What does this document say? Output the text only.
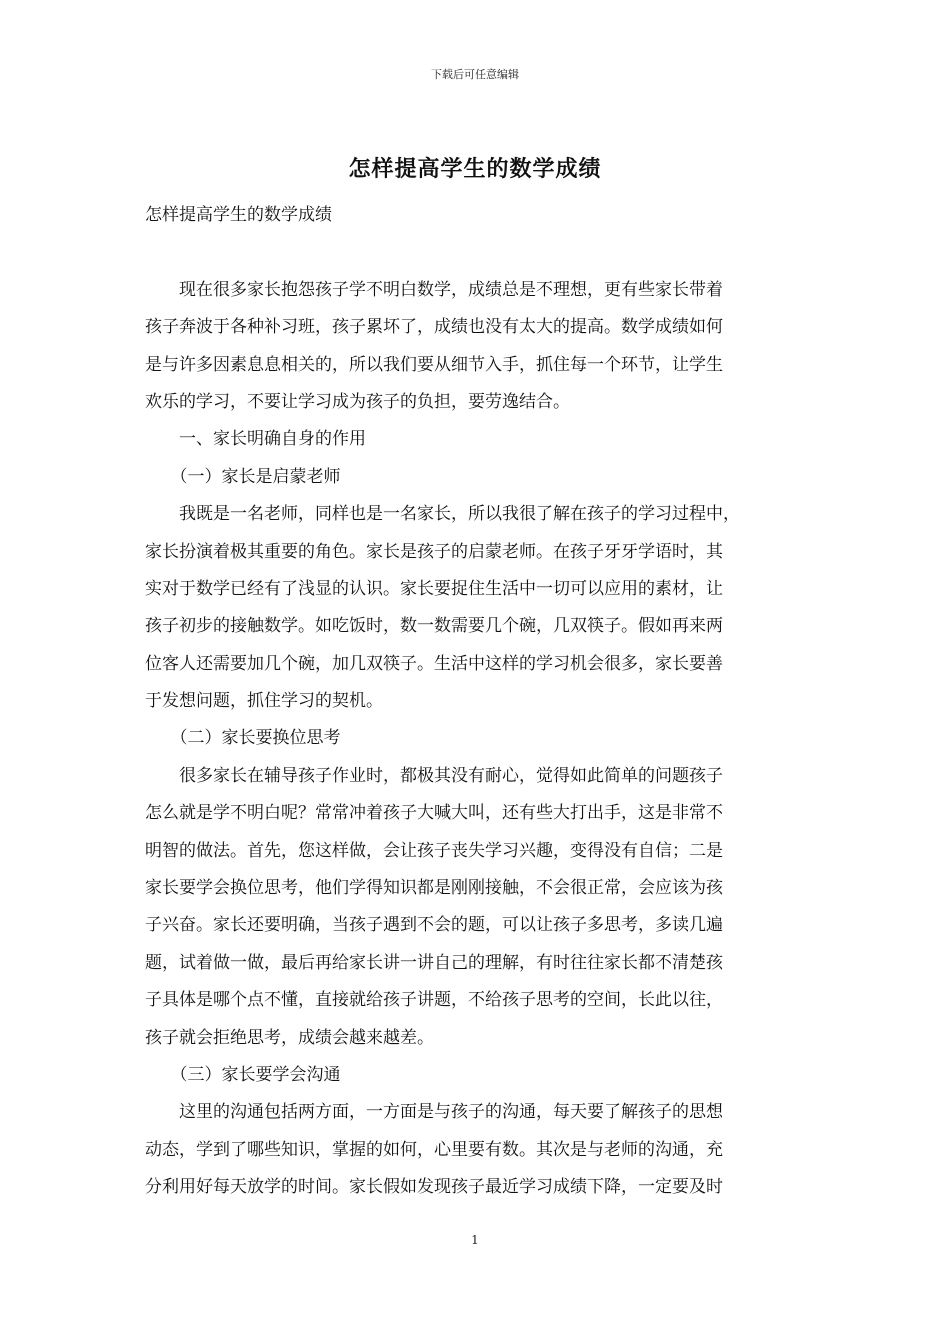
下载后可任意编辑
怎样提高学生的数学成绩
怎样提高学生的数学成绩
　　现在很多家长抱怨孩子学不明白数学，成绩总是不理想，更有些家长带着
孩子奔波于各种补习班，孩子累坏了，成绩也没有太大的提高。数学成绩如何
是与许多因素息息相关的，所以我们要从细节入手，抓住每一个环节，让学生
欢乐的学习，不要让学习成为孩子的负担，要劳逸结合。
　　一、家长明确自身的作用
　　（一）家长是启蒙老师
　　我既是一名老师，同样也是一名家长，所以我很了解在孩子的学习过程中，
家长扮演着极其重要的角色。家长是孩子的启蒙老师。在孩子牙牙学语时，其
实对于数学已经有了浅显的认识。家长要捉住生活中一切可以应用的素材，让
孩子初步的接触数学。如吃饭时，数一数需要几个碗，几双筷子。假如再来两
位客人还需要加几个碗，加几双筷子。生活中这样的学习机会很多，家长要善
于发想问题，抓住学习的契机。
　　（二）家长要换位思考
　　很多家长在辅导孩子作业时，都极其没有耐心，觉得如此简单的问题孩子
怎么就是学不明白呢？常常冲着孩子大喊大叫，还有些大打出手，这是非常不
明智的做法。首先，您这样做，会让孩子丧失学习兴趣，变得没有自信；二是
家长要学会换位思考，他们学得知识都是刚刚接触，不会很正常，会应该为孩
子兴奋。家长还要明确，当孩子遇到不会的题，可以让孩子多思考，多读几遍
题，试着做一做，最后再给家长讲一讲自己的理解，有时往往家长都不清楚孩
子具体是哪个点不懂，直接就给孩子讲题，不给孩子思考的空间，长此以往，
孩子就会拒绝思考，成绩会越来越差。
　　（三）家长要学会沟通
　　这里的沟通包括两方面，一方面是与孩子的沟通，每天要了解孩子的思想
动态，学到了哪些知识，掌握的如何，心里要有数。其次是与老师的沟通，充
分利用好每天放学的时间。家长假如发现孩子最近学习成绩下降，一定要及时
1
